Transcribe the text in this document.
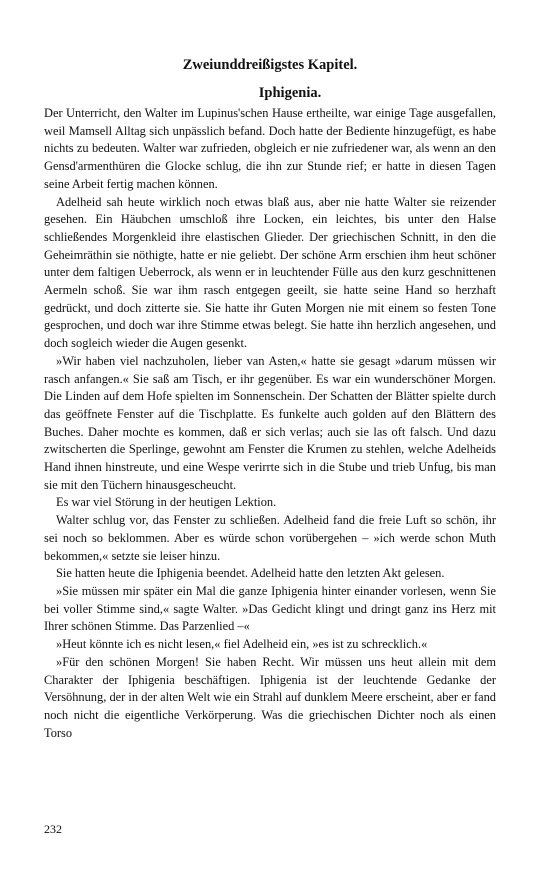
Zweiunddreißigstes Kapitel.
Iphigenia.

Der Unterricht, den Walter im Lupinus'schen Hause ertheilte, war einige Tage ausgefallen, weil Mamsell Alltag sich unpässlich befand. Doch hatte der Bediente hinzugefügt, es habe nichts zu bedeuten. Walter war zufrieden, obgleich er nie zufriedener war, als wenn an den Gensd'armenthüren die Glocke schlug, die ihn zur Stunde rief; er hatte in diesen Tagen seine Arbeit fertig machen können.

Adelheid sah heute wirklich noch etwas blaß aus, aber nie hatte Walter sie reizender gesehen. Ein Häubchen umschloß ihre Locken, ein leichtes, bis unter den Halse schließendes Morgenkleid ihre elastischen Glieder. Der griechischen Schnitt, in den die Geheimräthin sie nöthigte, hatte er nie geliebt. Der schöne Arm erschien ihm heut schöner unter dem faltigen Ueberrock, als wenn er in leuchtender Fülle aus den kurz geschnittenen Aermeln schoß. Sie war ihm rasch entgegen geeilt, sie hatte seine Hand so herzhaft gedrückt, und doch zitterte sie. Sie hatte ihr Guten Morgen nie mit einem so festen Tone gesprochen, und doch war ihre Stimme etwas belegt. Sie hatte ihn herzlich angesehen, und doch sogleich wieder die Augen gesenkt.

»Wir haben viel nachzuholen, lieber van Asten,« hatte sie gesagt »darum müssen wir rasch anfangen.« Sie saß am Tisch, er ihr gegenüber. Es war ein wunderschöner Morgen. Die Linden auf dem Hofe spielten im Sonnenschein. Der Schatten der Blätter spielte durch das geöffnete Fenster auf die Tischplatte. Es funkelte auch golden auf den Blättern des Buches. Daher mochte es kommen, daß er sich verlas; auch sie las oft falsch. Und dazu zwitscherten die Sperlinge, gewohnt am Fenster die Krumen zu stehlen, welche Adelheids Hand ihnen hinstreute, und eine Wespe verirrte sich in die Stube und trieb Unfug, bis man sie mit den Tüchern hinausgescheucht.

Es war viel Störung in der heutigen Lektion.

Walter schlug vor, das Fenster zu schließen. Adelheid fand die freie Luft so schön, ihr sei noch so beklommen. Aber es würde schon vorübergehen – »ich werde schon Muth bekommen,« setzte sie leiser hinzu.

Sie hatten heute die Iphigenia beendet. Adelheid hatte den letzten Akt gelesen.

»Sie müssen mir später ein Mal die ganze Iphigenia hinter einander vorlesen, wenn Sie bei voller Stimme sind,« sagte Walter. »Das Gedicht klingt und dringt ganz ins Herz mit Ihrer schönen Stimme. Das Parzenlied –«

»Heut könnte ich es nicht lesen,« fiel Adelheid ein, »es ist zu schrecklich.«

»Für den schönen Morgen! Sie haben Recht. Wir müssen uns heut allein mit dem Charakter der Iphigenia beschäftigen. Iphigenia ist der leuchtende Gedanke der Versöhnung, der in der alten Welt wie ein Strahl auf dunklem Meere erscheint, aber er fand noch nicht die eigentliche Verkörperung. Was die griechischen Dichter noch als einen Torso

232
